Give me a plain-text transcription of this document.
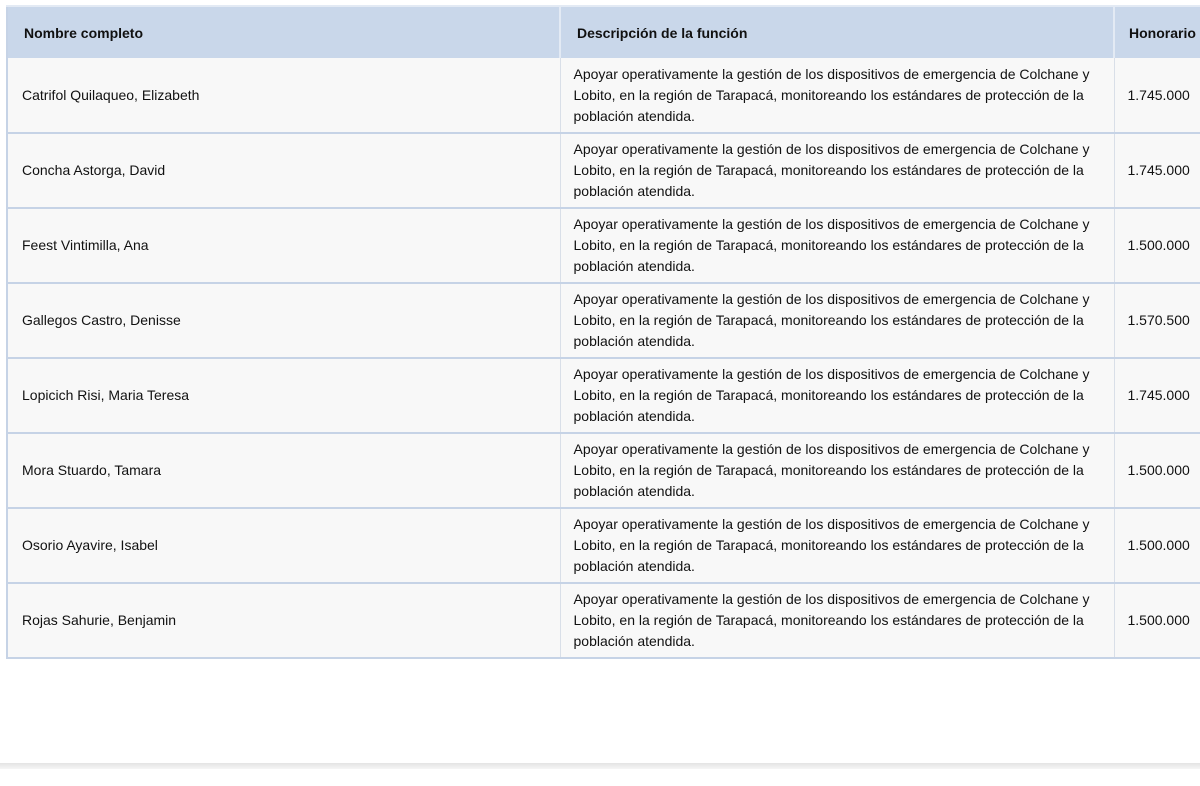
Nombre completo	Descripción de la función	Honorario
Catrifol Quilaqueo, Elizabeth	Apoyar operativamente la gestión de los dispositivos de emergencia de Colchane y Lobito, en la región de Tarapacá, monitoreando los estándares de protección de la población atendida.	1.745.000
Concha Astorga, David	Apoyar operativamente la gestión de los dispositivos de emergencia de Colchane y Lobito, en la región de Tarapacá, monitoreando los estándares de protección de la población atendida.	1.745.000
Feest Vintimilla, Ana	Apoyar operativamente la gestión de los dispositivos de emergencia de Colchane y Lobito, en la región de Tarapacá, monitoreando los estándares de protección de la población atendida.	1.500.000
Gallegos Castro, Denisse	Apoyar operativamente la gestión de los dispositivos de emergencia de Colchane y Lobito, en la región de Tarapacá, monitoreando los estándares de protección de la población atendida.	1.570.500
Lopicich Risi, Maria Teresa	Apoyar operativamente la gestión de los dispositivos de emergencia de Colchane y Lobito, en la región de Tarapacá, monitoreando los estándares de protección de la población atendida.	1.745.000
Mora Stuardo, Tamara	Apoyar operativamente la gestión de los dispositivos de emergencia de Colchane y Lobito, en la región de Tarapacá, monitoreando los estándares de protección de la población atendida.	1.500.000
Osorio Ayavire, Isabel	Apoyar operativamente la gestión de los dispositivos de emergencia de Colchane y Lobito, en la región de Tarapacá, monitoreando los estándares de protección de la población atendida.	1.500.000
Rojas Sahurie, Benjamin	Apoyar operativamente la gestión de los dispositivos de emergencia de Colchane y Lobito, en la región de Tarapacá, monitoreando los estándares de protección de la población atendida.	1.500.000
